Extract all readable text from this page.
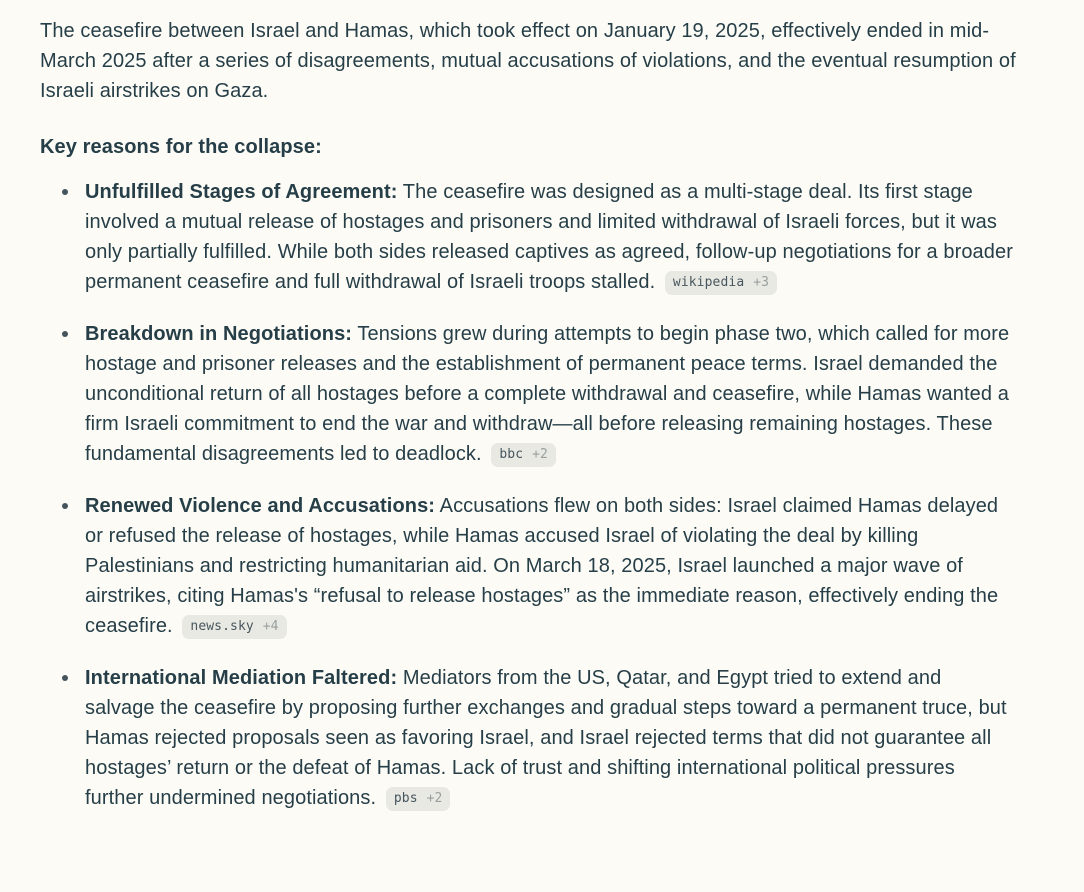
The ceasefire between Israel and Hamas, which took effect on January 19, 2025, effectively ended in mid-March 2025 after a series of disagreements, mutual accusations of violations, and the eventual resumption of Israeli airstrikes on Gaza.

Key reasons for the collapse:

Unfulfilled Stages of Agreement: The ceasefire was designed as a multi-stage deal. Its first stage involved a mutual release of hostages and prisoners and limited withdrawal of Israeli forces, but it was only partially fulfilled. While both sides released captives as agreed, follow-up negotiations for a broader permanent ceasefire and full withdrawal of Israeli troops stalled. wikipedia +3
Breakdown in Negotiations: Tensions grew during attempts to begin phase two, which called for more hostage and prisoner releases and the establishment of permanent peace terms. Israel demanded the unconditional return of all hostages before a complete withdrawal and ceasefire, while Hamas wanted a firm Israeli commitment to end the war and withdraw—all before releasing remaining hostages. These fundamental disagreements led to deadlock. bbc +2
Renewed Violence and Accusations: Accusations flew on both sides: Israel claimed Hamas delayed or refused the release of hostages, while Hamas accused Israel of violating the deal by killing Palestinians and restricting humanitarian aid. On March 18, 2025, Israel launched a major wave of airstrikes, citing Hamas's “refusal to release hostages” as the immediate reason, effectively ending the ceasefire. news.sky +4
International Mediation Faltered: Mediators from the US, Qatar, and Egypt tried to extend and salvage the ceasefire by proposing further exchanges and gradual steps toward a permanent truce, but Hamas rejected proposals seen as favoring Israel, and Israel rejected terms that did not guarantee all hostages’ return or the defeat of Hamas. Lack of trust and shifting international political pressures further undermined negotiations. pbs +2
